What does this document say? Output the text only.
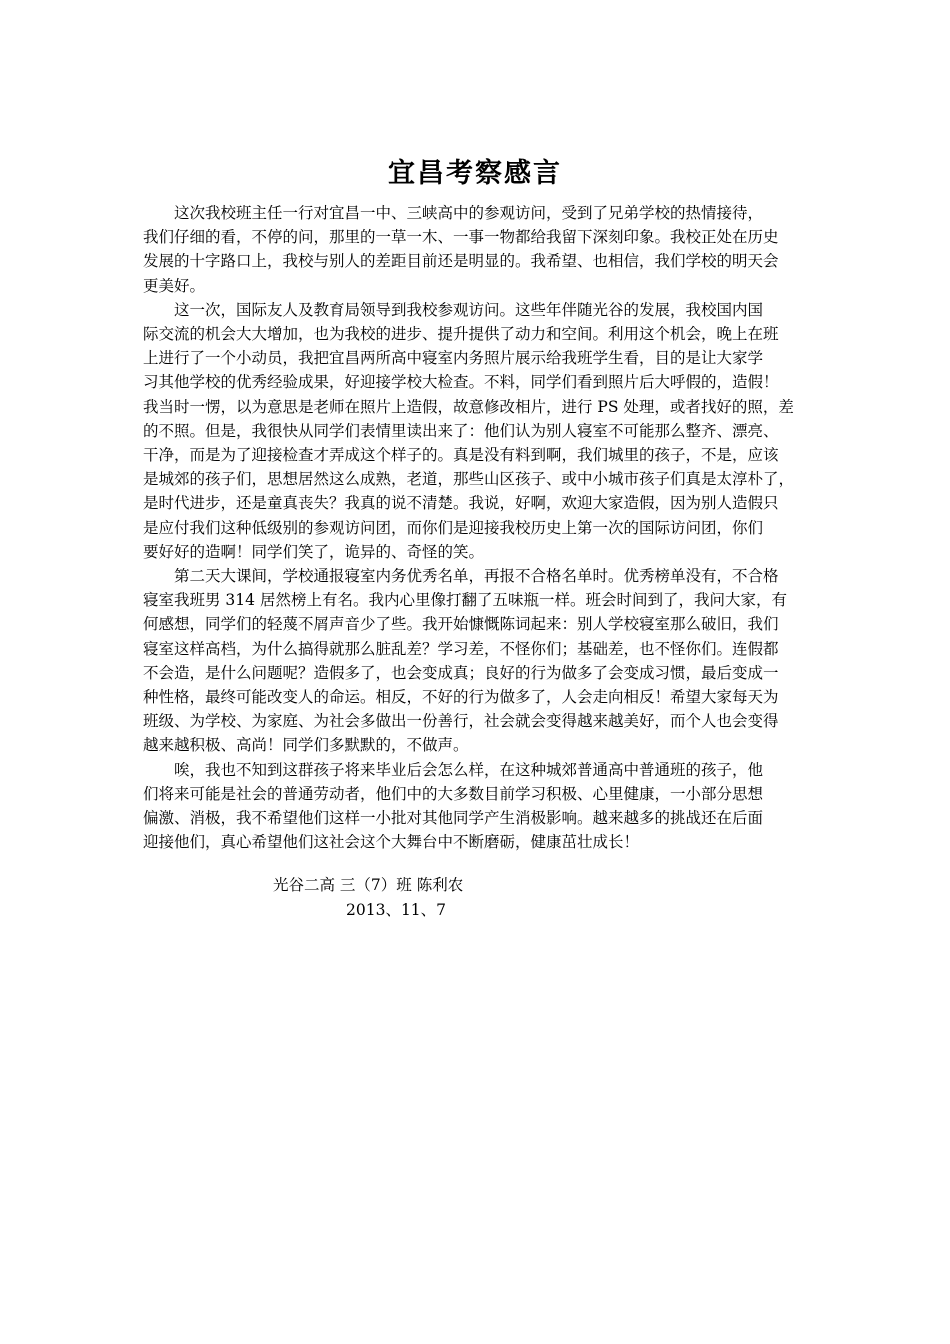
宜昌考察感言

这次我校班主任一行对宜昌一中、三峡高中的参观访问，受到了兄弟学校的热情接待，
我们仔细的看，不停的问，那里的一草一木、一事一物都给我留下深刻印象。我校正处在历史
发展的十字路口上，我校与别人的差距目前还是明显的。我希望、也相信，我们学校的明天会
更美好。

这一次，国际友人及教育局领导到我校参观访问。这些年伴随光谷的发展，我校国内国
际交流的机会大大增加，也为我校的进步、提升提供了动力和空间。利用这个机会，晚上在班
上进行了一个小动员，我把宜昌两所高中寝室内务照片展示给我班学生看，目的是让大家学
习其他学校的优秀经验成果，好迎接学校大检查。不料，同学们看到照片后大呼假的，造假！
我当时一愣，以为意思是老师在照片上造假，故意修改相片，进行 PS 处理，或者找好的照，差
的不照。但是，我很快从同学们表情里读出来了：他们认为别人寝室不可能那么整齐、漂亮、
干净，而是为了迎接检查才弄成这个样子的。真是没有料到啊，我们城里的孩子，不是，应该
是城郊的孩子们，思想居然这么成熟，老道，那些山区孩子、或中小城市孩子们真是太淳朴了，
是时代进步，还是童真丧失？我真的说不清楚。我说，好啊，欢迎大家造假，因为别人造假只
是应付我们这种低级别的参观访问团，而你们是迎接我校历史上第一次的国际访问团，你们
要好好的造啊！同学们笑了，诡异的、奇怪的笑。

第二天大课间，学校通报寝室内务优秀名单，再报不合格名单时。优秀榜单没有，不合格
寝室我班男 314 居然榜上有名。我内心里像打翻了五味瓶一样。班会时间到了，我问大家，有
何感想，同学们的轻蔑不屑声音少了些。我开始慷慨陈词起来：别人学校寝室那么破旧，我们
寝室这样高档，为什么搞得就那么脏乱差？学习差，不怪你们；基础差，也不怪你们。连假都
不会造，是什么问题呢？造假多了，也会变成真；良好的行为做多了会变成习惯，最后变成一
种性格，最终可能改变人的命运。相反，不好的行为做多了，人会走向相反！希望大家每天为
班级、为学校、为家庭、为社会多做出一份善行，社会就会变得越来越美好，而个人也会变得
越来越积极、高尚！同学们多默默的，不做声。

唉，我也不知到这群孩子将来毕业后会怎么样，在这种城郊普通高中普通班的孩子，他
们将来可能是社会的普通劳动者，他们中的大多数目前学习积极、心里健康，一小部分思想
偏激、消极，我不希望他们这样一小批对其他同学产生消极影响。越来越多的挑战还在后面
迎接他们，真心希望他们这社会这个大舞台中不断磨砺，健康茁壮成长！

光谷二高 三（7）班 陈利农

2013、11、7
